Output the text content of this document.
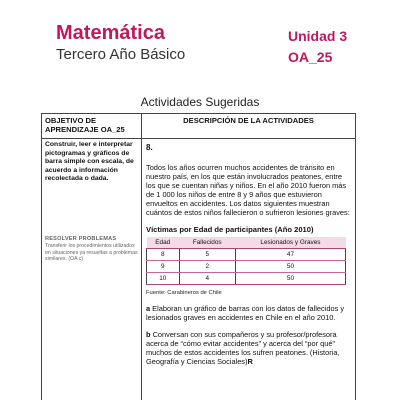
Matemática
Tercero Año Básico
Unidad 3
OA_25
Actividades Sugeridas
OBJETIVO DE APRENDIZAJE OA_25	DESCRIPCIÓN DE LA ACTIVIDADES

Construir, leer e interpretar pictogramas y gráficos de barra simple con escala, de acuerdo a información recolectada o dada.
RESOLVER PROBLEMAS
Transferir los procedimientos utilizados en situaciones ya resueltas a problemas similares. (OA c)

8.
Todos los años ocurren muchos accidentes de tránsito en nuestro país, en los que están involucrados peatones, entre los que se cuentan niñas y niños. En el año 2010 fueron más de 1 000 los niños de entre 8 y 9 años que estuvieron envueltos en accidentes. Los datos siguientes muestran cuántos de estos niños fallecieron o sufrieron lesiones graves:
Víctimas por Edad de participantes (Año 2010)
Edad	Fallecidos	Lesionados y Graves
8	5	47
9	2	50
10	4	50
Fuente: Carabineros de Chile
a Elaboran un gráfico de barras con los datos de fallecidos y lesionados graves en accidentes en Chile en el año 2010.
b Conversan con sus compañeros y su profesor/profesora acerca de “cómo evitar accidentes” y acerca del “por qué” muchos de estos accidentes los sufren peatones. (Historia, Geografía y Ciencias Sociales)R
